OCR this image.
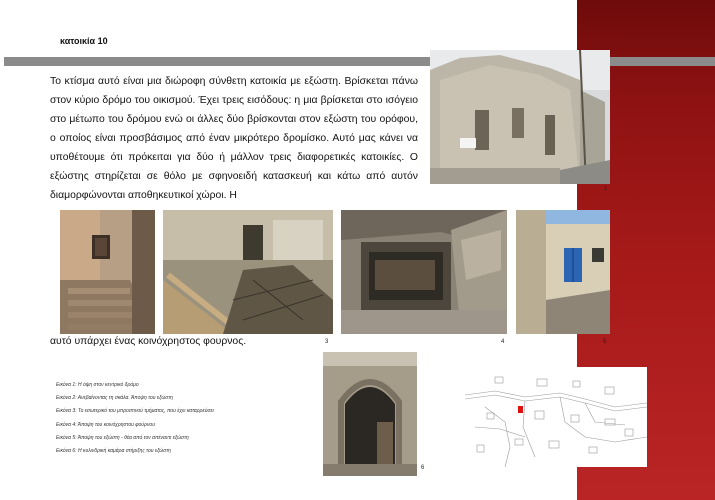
κατοικία 10

Το κτίσμα αυτό είναι μια διώροφη σύνθετη κατοικία με εξώστη. Βρίσκεται πάνω στον κύριο δρόμο του οικισμού. Έχει τρεις εισόδους: η μια βρίσκεται στο ισόγειο στο μέτωπο του δρόμου ενώ οι άλλες δύο βρίσκονται στον εξώστη του ορόφου, ο οποίος είναι προσβάσιμος από έναν μικρότερο δρομίσκο. Αυτό μας κάνει να υποθέτουμε ότι πρόκειται για δύο ή μάλλον τρεις διαφορετικές κατοικίες. Ο εξώστης στηρίζεται σε θόλο με σφηνοειδή κατασκευή και κάτω από αυτόν διαμορφώνονται αποθηκευτικοί χώροι. Η

1
3	4	5

αυτό υπάρχει ένας κοινόχρηστος φουρνος.

6
Εικόνα 1: Η όψη στον κεντρικό δρόμο
Εικόνα 2: Ανεβαίνοντας τη σκάλα. Άποψη του εξώστη
Εικόνα 3: Το εσωτερικό του μπροστινού τμήματος, που έχει καταρρεύσει
Εικόνα 4: Άποψη του κοινόχρηστου φούρνου
Εικόνα 5: Άποψη του εξώστη - θέα από τον απέναντι εξώστη
Εικόνα 6: Η κυλινδρική καμάρα στήριξης του εξώστη
